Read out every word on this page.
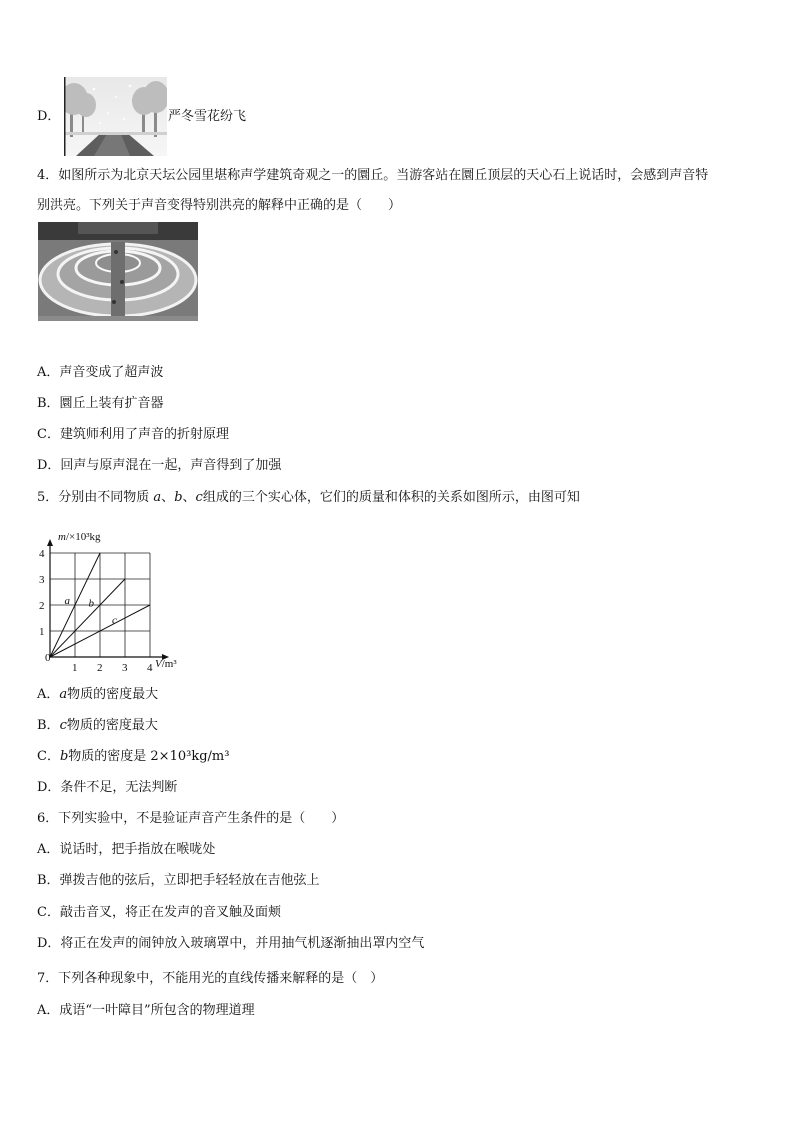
D．	严冬雪花纷飞
4．如图所示为北京天坛公园里堪称声学建筑奇观之一的圜丘。当游客站在圜丘顶层的天心石上说话时，会感到声音特
别洪亮。下列关于声音变得特别洪亮的解释中正确的是（　　）
A．声音变成了超声波
B．圜丘上装有扩音器
C．建筑师利用了声音的折射原理
D．回声与原声混在一起，声音得到了加强
5．分别由不同物质 a、b、c组成的三个实心体，它们的质量和体积的关系如图所示，由图可知
1
1
2
2
3
3
4
4
a b
c
m/×10³kg
V/m³
0
A．a物质的密度最大
B．c物质的密度最大
C．b物质的密度是 2×10³kg/m³
D．条件不足，无法判断
6．下列实验中，不是验证声音产生条件的是（　　）
A．说话时，把手指放在喉咙处
B．弹拨吉他的弦后，立即把手轻轻放在吉他弦上
C．敲击音叉，将正在发声的音叉触及面颊
D．将正在发声的闹钟放入玻璃罩中，并用抽气机逐渐抽出罩内空气
7．下列各种现象中，不能用光的直线传播来解释的是（　）
A．成语“一叶障目”所包含的物理道理
